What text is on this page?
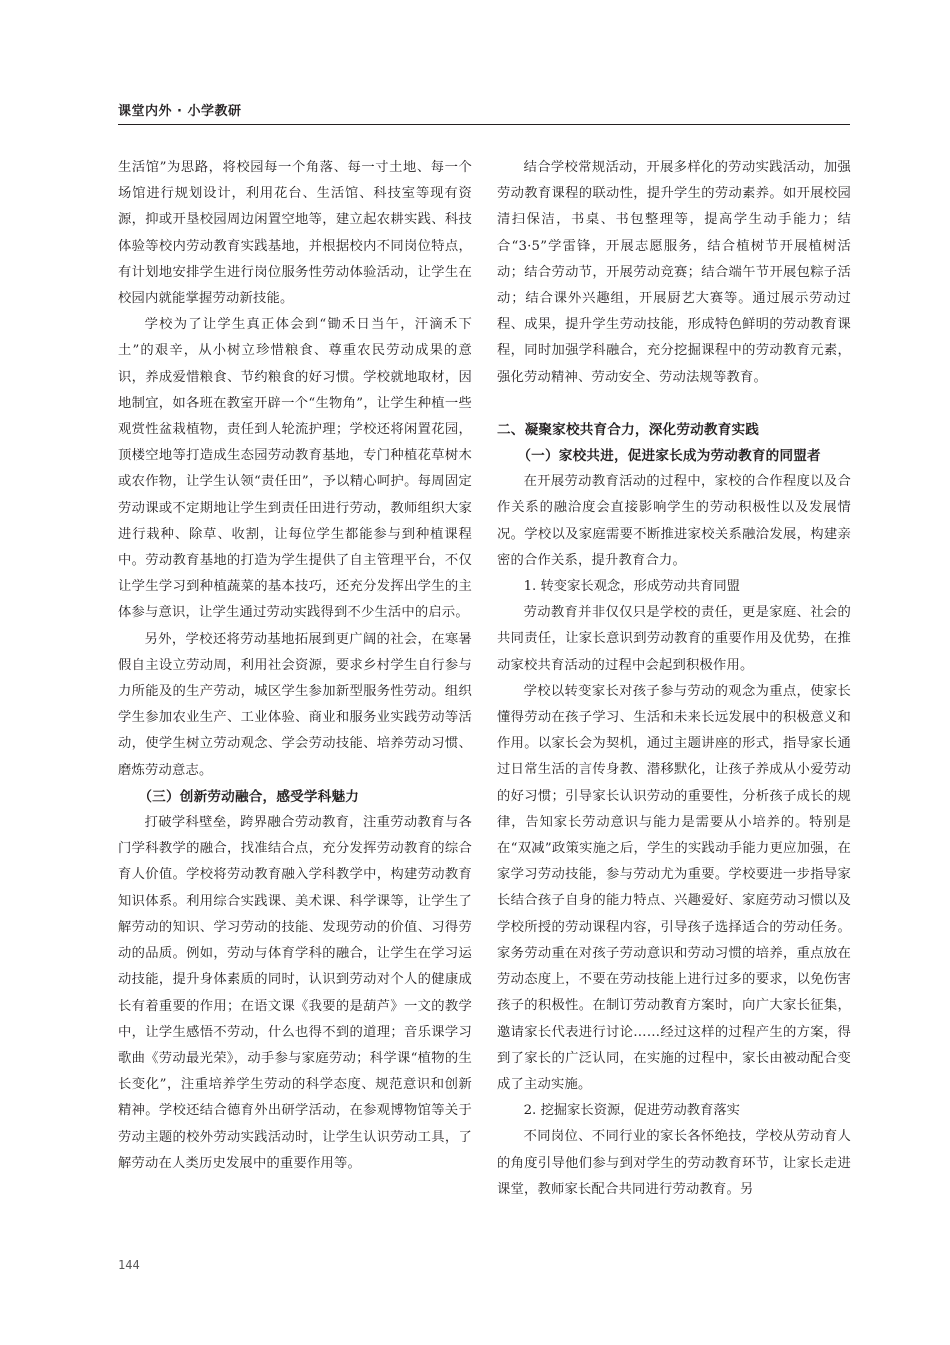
课堂内外 · 小学教研

生活馆”为思路，将校园每一个角落、每一寸土地、每一个场馆进行规划设计，利用花台、生活馆、科技室等现有资源，抑或开垦校园周边闲置空地等，建立起农耕实践、科技体验等校内劳动教育实践基地，并根据校内不同岗位特点，有计划地安排学生进行岗位服务性劳动体验活动，让学生在校园内就能掌握劳动新技能。

学校为了让学生真正体会到“锄禾日当午，汗滴禾下土”的艰辛，从小树立珍惜粮食、尊重农民劳动成果的意识，养成爱惜粮食、节约粮食的好习惯。学校就地取材，因地制宜，如各班在教室开辟一个“生物角”，让学生种植一些观赏性盆栽植物，责任到人轮流护理；学校还将闲置花园，顶楼空地等打造成生态园劳动教育基地，专门种植花草树木或农作物，让学生认领“责任田”，予以精心呵护。每周固定劳动课或不定期地让学生到责任田进行劳动，教师组织大家进行栽种、除草、收割，让每位学生都能参与到种植课程中。劳动教育基地的打造为学生提供了自主管理平台，不仅让学生学习到种植蔬菜的基本技巧，还充分发挥出学生的主体参与意识，让学生通过劳动实践得到不少生活中的启示。

另外，学校还将劳动基地拓展到更广阔的社会，在寒暑假自主设立劳动周，利用社会资源，要求乡村学生自行参与力所能及的生产劳动，城区学生参加新型服务性劳动。组织学生参加农业生产、工业体验、商业和服务业实践劳动等活动，使学生树立劳动观念、学会劳动技能、培养劳动习惯、磨炼劳动意志。

（三）创新劳动融合，感受学科魅力

打破学科壁垒，跨界融合劳动教育，注重劳动教育与各门学科教学的融合，找准结合点，充分发挥劳动教育的综合育人价值。学校将劳动教育融入学科教学中，构建劳动教育知识体系。利用综合实践课、美术课、科学课等，让学生了解劳动的知识、学习劳动的技能、发现劳动的价值、习得劳动的品质。例如，劳动与体育学科的融合，让学生在学习运动技能，提升身体素质的同时，认识到劳动对个人的健康成长有着重要的作用；在语文课《我要的是葫芦》一文的教学中，让学生感悟不劳动，什么也得不到的道理；音乐课学习歌曲《劳动最光荣》，动手参与家庭劳动；科学课“植物的生长变化”，注重培养学生劳动的科学态度、规范意识和创新精神。学校还结合德育外出研学活动，在参观博物馆等关于劳动主题的校外劳动实践活动时，让学生认识劳动工具，了解劳动在人类历史发展中的重要作用等。

结合学校常规活动，开展多样化的劳动实践活动，加强劳动教育课程的联动性，提升学生的劳动素养。如开展校园清扫保洁，书桌、书包整理等，提高学生动手能力；结合“3·5”学雷锋，开展志愿服务，结合植树节开展植树活动；结合劳动节，开展劳动竞赛；结合端午节开展包粽子活动；结合课外兴趣组，开展厨艺大赛等。通过展示劳动过程、成果，提升学生劳动技能，形成特色鲜明的劳动教育课程，同时加强学科融合，充分挖掘课程中的劳动教育元素，强化劳动精神、劳动安全、劳动法规等教育。

二、凝聚家校共育合力，深化劳动教育实践
（一）家校共进，促进家长成为劳动教育的同盟者

在开展劳动教育活动的过程中，家校的合作程度以及合作关系的融洽度会直接影响学生的劳动积极性以及发展情况。学校以及家庭需要不断推进家校关系融洽发展，构建亲密的合作关系，提升教育合力。

1. 转变家长观念，形成劳动共育同盟

劳动教育并非仅仅只是学校的责任，更是家庭、社会的共同责任，让家长意识到劳动教育的重要作用及优势，在推动家校共育活动的过程中会起到积极作用。

学校以转变家长对孩子参与劳动的观念为重点，使家长懂得劳动在孩子学习、生活和未来长远发展中的积极意义和作用。以家长会为契机，通过主题讲座的形式，指导家长通过日常生活的言传身教、潜移默化，让孩子养成从小爱劳动的好习惯；引导家长认识劳动的重要性，分析孩子成长的规律，告知家长劳动意识与能力是需要从小培养的。特别是在“双减”政策实施之后，学生的实践动手能力更应加强，在家学习劳动技能，参与劳动尤为重要。学校要进一步指导家长结合孩子自身的能力特点、兴趣爱好、家庭劳动习惯以及学校所授的劳动课程内容，引导孩子选择适合的劳动任务。家务劳动重在对孩子劳动意识和劳动习惯的培养，重点放在劳动态度上，不要在劳动技能上进行过多的要求，以免伤害孩子的积极性。在制订劳动教育方案时，向广大家长征集，邀请家长代表进行讨论……经过这样的过程产生的方案，得到了家长的广泛认同，在实施的过程中，家长由被动配合变成了主动实施。

2. 挖掘家长资源，促进劳动教育落实

不同岗位、不同行业的家长各怀绝技，学校从劳动育人的角度引导他们参与到对学生的劳动教育环节，让家长走进课堂，教师家长配合共同进行劳动教育。另

144
